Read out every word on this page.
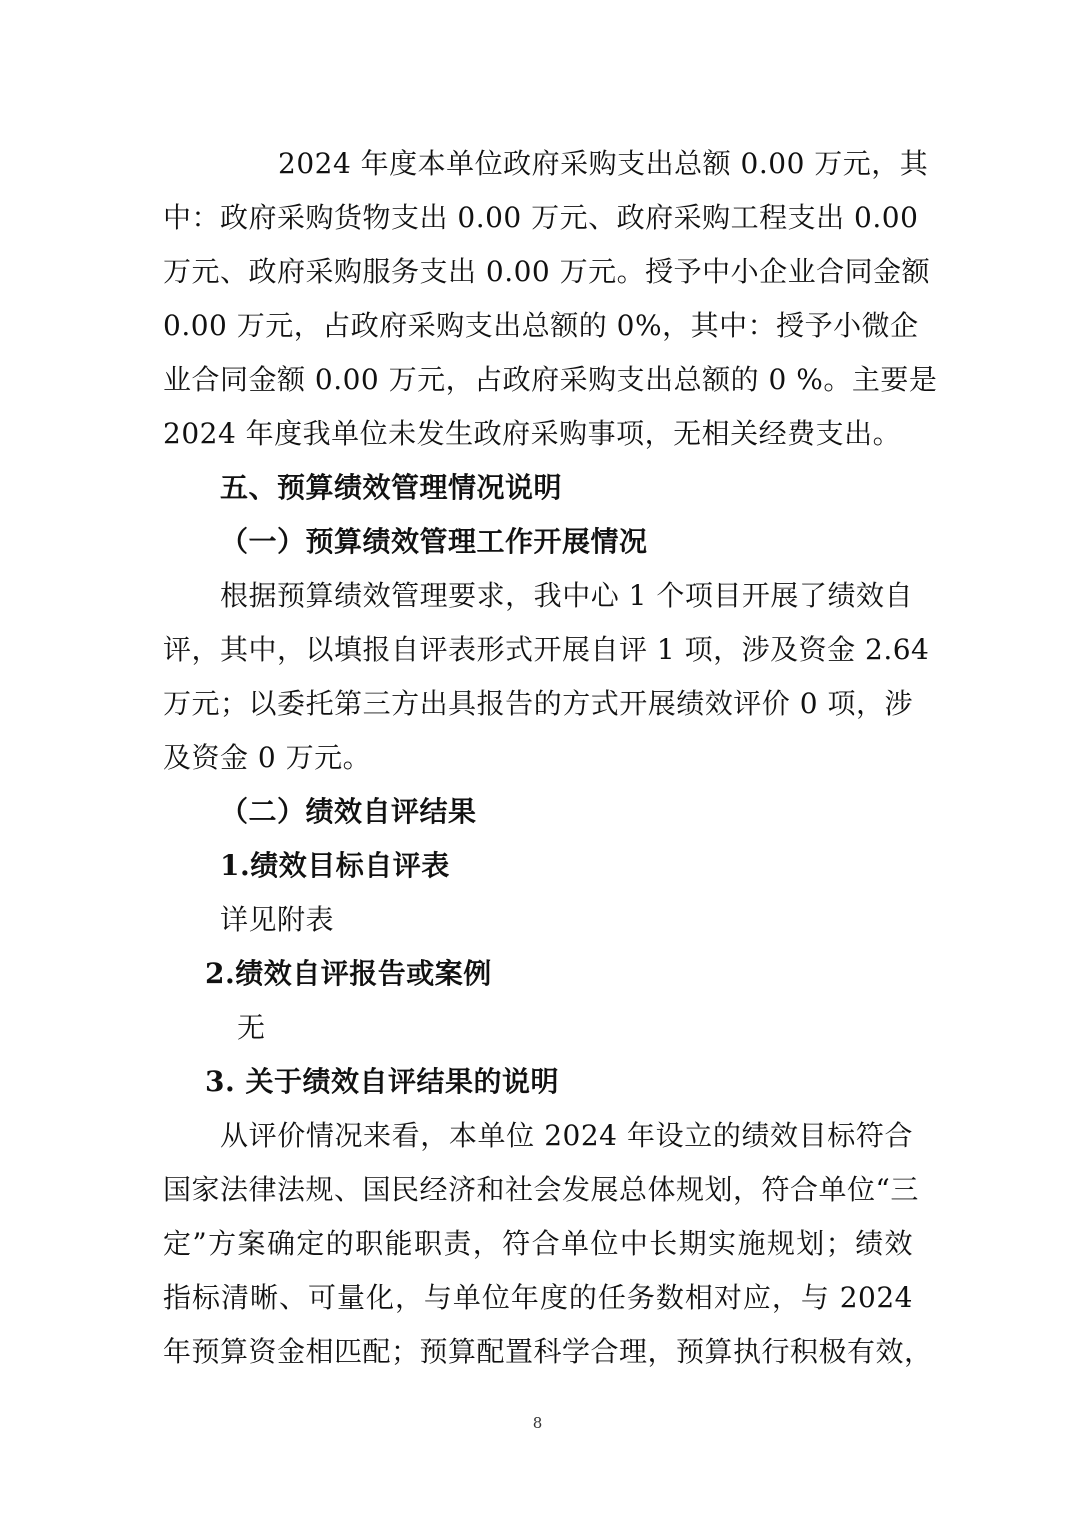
2024 年度本单位政府采购支出总额 0.00 万元，其
中：政府采购货物支出 0.00 万元、政府采购工程支出 0.00
万元、政府采购服务支出 0.00 万元。授予中小企业合同金额
0.00 万元，占政府采购支出总额的 0%，其中：授予小微企
业合同金额 0.00 万元，占政府采购支出总额的 0 %。主要是
2024 年度我单位未发生政府采购事项，无相关经费支出。
五、预算绩效管理情况说明
（一）预算绩效管理工作开展情况
根据预算绩效管理要求，我中心 1 个项目开展了绩效自
评，其中，以填报自评表形式开展自评 1 项，涉及资金 2.64
万元；以委托第三方出具报告的方式开展绩效评价 0 项，涉
及资金 0 万元。
（二）绩效自评结果
1.绩效目标自评表
详见附表
2.绩效自评报告或案例
无
3. 关于绩效自评结果的说明
从评价情况来看，本单位 2024 年设立的绩效目标符合
国家法律法规、国民经济和社会发展总体规划，符合单位“三
定”方案确定的职能职责，符合单位中长期实施规划；绩效
指标清晰、可量化，与单位年度的任务数相对应，与 2024
年预算资金相匹配；预算配置科学合理，预算执行积极有效，
8
